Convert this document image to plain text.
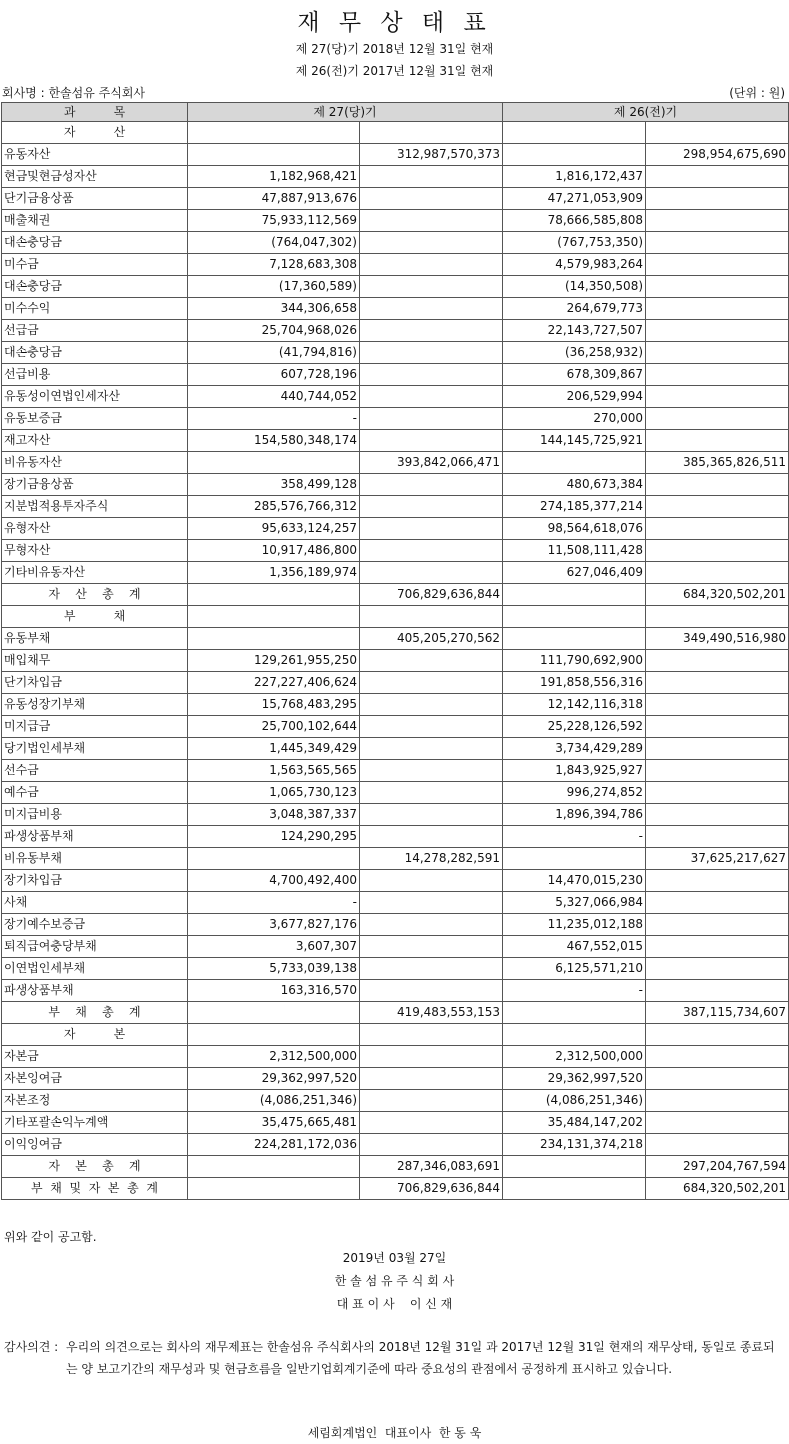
재 무 상 태 표
제 27(당)기 2018년 12월 31일 현재
제 26(전)기 2017년 12월 31일 현재
회사명 : 한솔섬유 주식회사	(단위 : 원)
과          목	제 27(당)기		제 26(전)기	
자          산				
유동자산		312,987,570,373		298,954,675,690
현금및현금성자산	1,182,968,421		1,816,172,437	
단기금융상품	47,887,913,676		47,271,053,909	
매출채권	75,933,112,569		78,666,585,808	
대손충당금	(764,047,302)		(767,753,350)	
미수금	7,128,683,308		4,579,983,264	
대손충당금	(17,360,589)		(14,350,508)	
미수수익	344,306,658		264,679,773	
선급금	25,704,968,026		22,143,727,507	
대손충당금	(41,794,816)		(36,258,932)	
선급비용	607,728,196		678,309,867	
유동성이연법인세자산	440,744,052		206,529,994	
유동보증금	-		270,000	
재고자산	154,580,348,174		144,145,725,921	
비유동자산		393,842,066,471		385,365,826,511
장기금융상품	358,499,128		480,673,384	
지분법적용투자주식	285,576,766,312		274,185,377,214	
유형자산	95,633,124,257		98,564,618,076	
무형자산	10,917,486,800		11,508,111,428	
기타비유동자산	1,356,189,974		627,046,409	
자    산    총    계		706,829,636,844		684,320,502,201
부          채				
유동부채		405,205,270,562		349,490,516,980
매입채무	129,261,955,250		111,790,692,900	
단기차입금	227,227,406,624		191,858,556,316	
유동성장기부채	15,768,483,295		12,142,116,318	
미지급금	25,700,102,644		25,228,126,592	
당기법인세부채	1,445,349,429		3,734,429,289	
선수금	1,563,565,565		1,843,925,927	
예수금	1,065,730,123		996,274,852	
미지급비용	3,048,387,337		1,896,394,786	
파생상품부채	124,290,295		-	
비유동부채		14,278,282,591		37,625,217,627
장기차입금	4,700,492,400		14,470,015,230	
사채	-		5,327,066,984	
장기예수보증금	3,677,827,176		11,235,012,188	
퇴직급여충당부채	3,607,307		467,552,015	
이연법인세부채	5,733,039,138		6,125,571,210	
파생상품부채	163,316,570		-	
부    채    총    계		419,483,553,153		387,115,734,607
자          본				
자본금	2,312,500,000		2,312,500,000	
자본잉여금	29,362,997,520		29,362,997,520	
자본조정	(4,086,251,346)		(4,086,251,346)	
기타포괄손익누계액	35,475,665,481		35,484,147,202	
이익잉여금	224,281,172,036		234,131,374,218	
자    본    총    계		287,346,083,691		297,204,767,594
부  채  및  자  본  총  계		706,829,636,844		684,320,502,201
위와 같이 공고함.
2019년 03월 27일
한 솔 섬 유 주 식 회 사
대 표 이 사    이 신 재
감사의견 : 우리의 의견으로는 회사의 재무제표는 한솔섬유 주식회사의 2018년 12월 31일 과 2017년 12월 31일 현재의 재무상태, 동일로 종료되는 양 보고기간의 재무성과 및 현금흐름을 일반기업회계기준에 따라 중요성의 관점에서 공정하게 표시하고 있습니다.
세림회계법인  대표이사  한 동 욱
